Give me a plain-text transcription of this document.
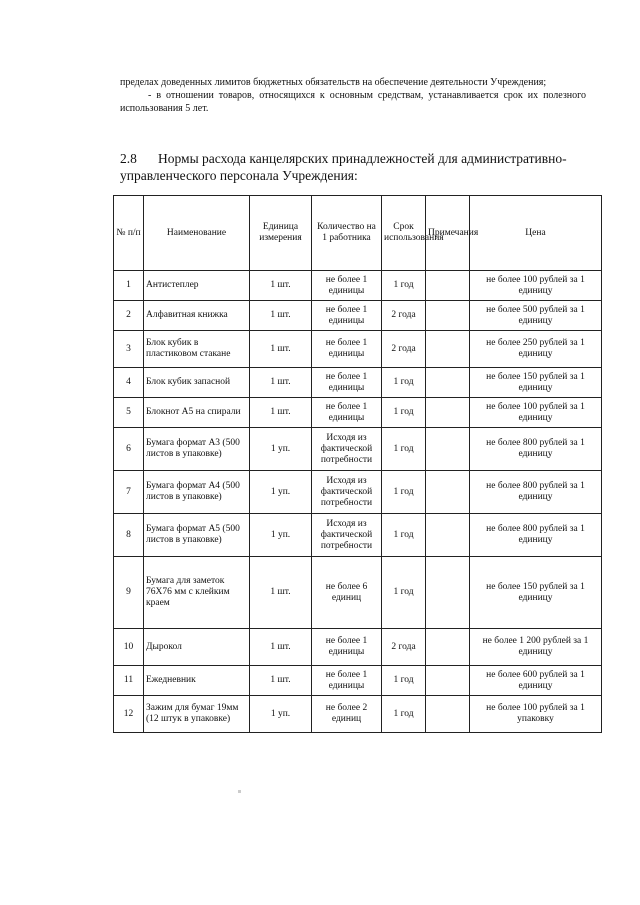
пределах доведенных лимитов бюджетных обязательств на обеспечение деятельности Учреждения;

- в отношении товаров, относящихся к основным средствам, устанавливается срок их полезного использования 5 лет.

2.8 Нормы расхода канцелярских принадлежностей для административно-управленческого персонала Учреждения:
№ п/п	Наименование	Единица измерения	Количество на 1 работника	Срок использования	Примечания	Цена
1	Антистеплер	1 шт.	не более 1 единицы	1 год		не более 100 рублей за 1 единицу
2	Алфавитная книжка	1 шт.	не более 1 единицы	2 года		не более 500 рублей за 1 единицу
3	Блок кубик в пластиковом стакане	1 шт.	не более 1 единицы	2 года		не более 250 рублей за 1 единицу
4	Блок кубик запасной	1 шт.	не более 1 единицы	1 год		не более 150 рублей за 1 единицу
5	Блокнот А5 на спирали	1 шт.	не более 1 единицы	1 год		не более 100 рублей за 1 единицу
6	Бумага формат А3 (500 листов в упаковке)	1 уп.	Исходя из фактической потребности	1 год		не более 800 рублей за 1 единицу
7	Бумага формат А4 (500 листов в упаковке)	1 уп.	Исходя из фактической потребности	1 год		не более 800 рублей за 1 единицу
8	Бумага формат А5 (500 листов в упаковке)	1 уп.	Исходя из фактической потребности	1 год		не более 800 рублей за 1 единицу
9	Бумага для заметок 76Х76 мм с клейким краем	1 шт.	не более 6 единиц	1 год		не более 150 рублей за 1 единицу
10	Дырокол	1 шт.	не более 1 единицы	2 года		не более 1 200 рублей за 1 единицу
11	Ежедневник	1 шт.	не более 1 единицы	1 год		не более 600 рублей за 1 единицу
12	Зажим для бумаг 19мм (12 штук в упаковке)	1 уп.	не более 2 единиц	1 год		не более 100 рублей за 1 упаковку
